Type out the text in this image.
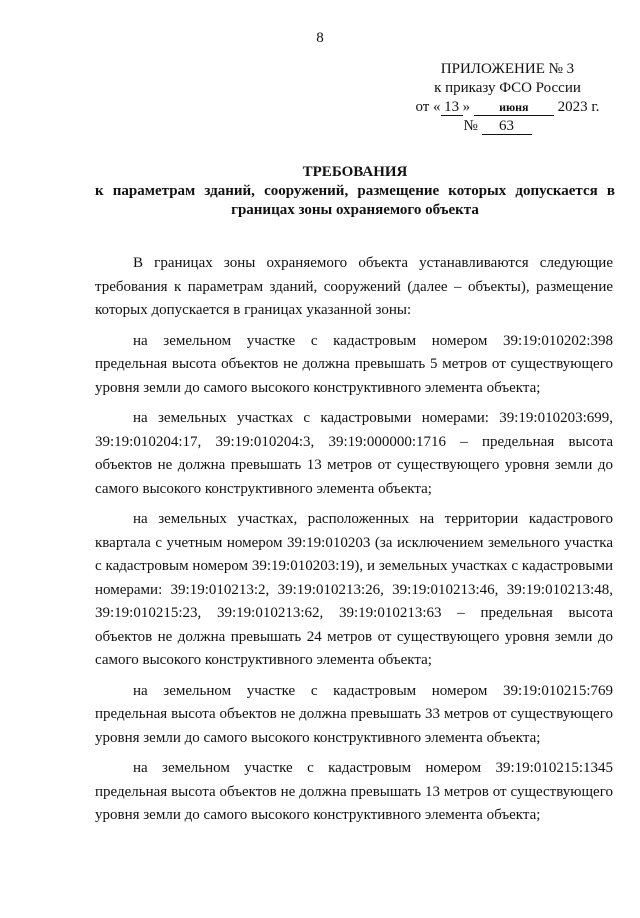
8
ПРИЛОЖЕНИЕ № 3
к приказу ФСО России
от « 13 » июня 2023 г.
№ 63
ТРЕБОВАНИЯ
к параметрам зданий, сооружений, размещение которых допускается в границах зоны охраняемого объекта

В границах зоны охраняемого объекта устанавливаются следующие требования к параметрам зданий, сооружений (далее – объекты), размещение которых допускается в границах указанной зоны:

на земельном участке с кадастровым номером 39:19:010202:398 предельная высота объектов не должна превышать 5 метров от существующего уровня земли до самого высокого конструктивного элемента объекта;

на земельных участках с кадастровыми номерами: 39:19:010203:699, 39:19:010204:17, 39:19:010204:3, 39:19:000000:1716 – предельная высота объектов не должна превышать 13 метров от существующего уровня земли до самого высокого конструктивного элемента объекта;

на земельных участках, расположенных на территории кадастрового квартала с учетным номером 39:19:010203 (за исключением земельного участка с кадастровым номером 39:19:010203:19), и земельных участках с кадастровыми номерами: 39:19:010213:2, 39:19:010213:26, 39:19:010213:46, 39:19:010213:48, 39:19:010215:23, 39:19:010213:62, 39:19:010213:63 – предельная высота объектов не должна превышать 24 метров от существующего уровня земли до самого высокого конструктивного элемента объекта;

на земельном участке с кадастровым номером 39:19:010215:769 предельная высота объектов не должна превышать 33 метров от существующего уровня земли до самого высокого конструктивного элемента объекта;

на земельном участке с кадастровым номером 39:19:010215:1345 предельная высота объектов не должна превышать 13 метров от существующего уровня земли до самого высокого конструктивного элемента объекта;
